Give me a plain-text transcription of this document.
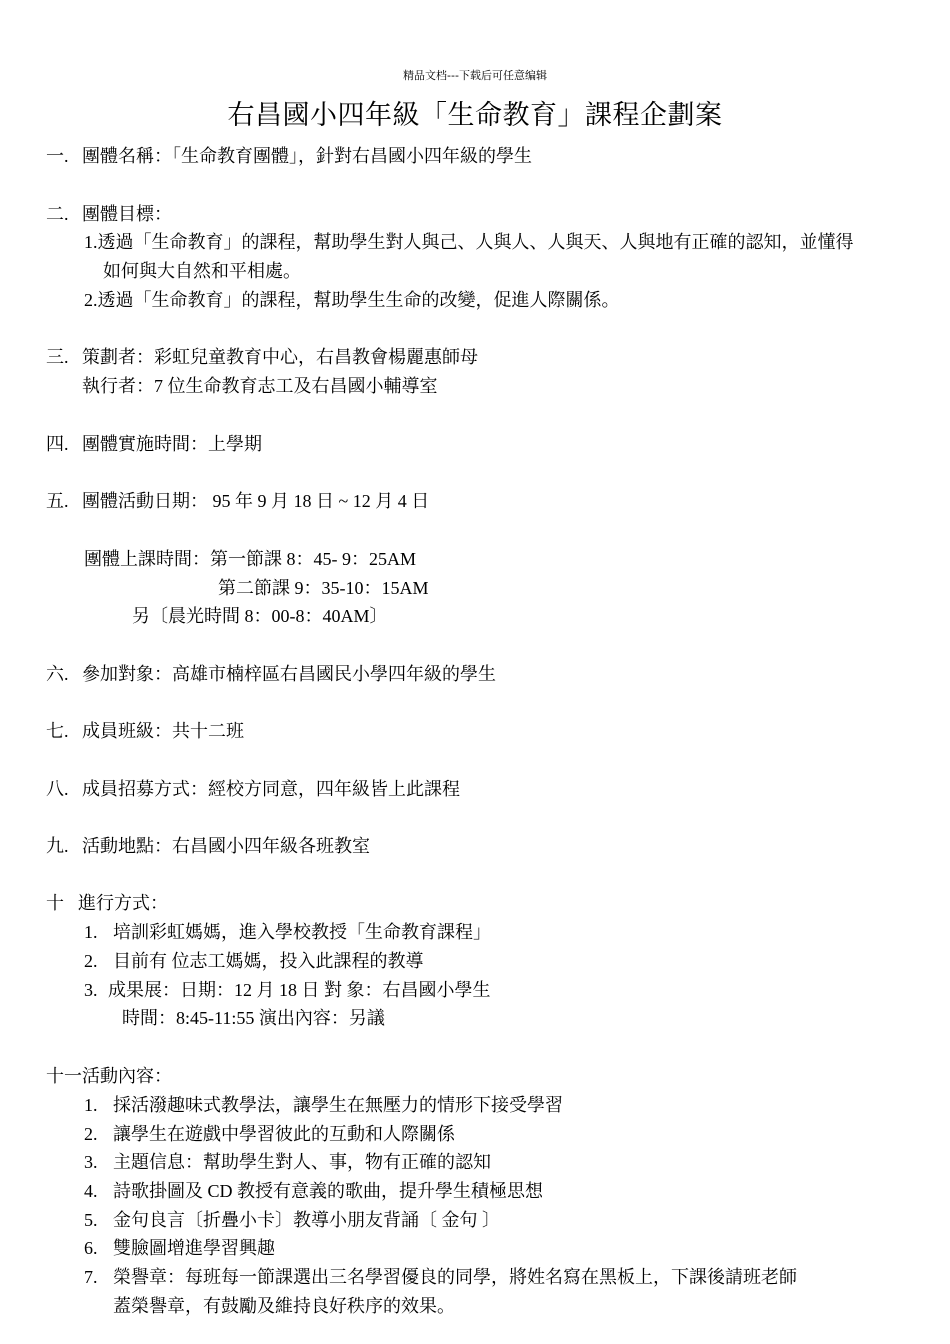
精品文档---下载后可任意编辑
右昌國小四年級「生命教育」課程企劃案
一. 團體名稱：「生命教育團體」，針對右昌國小四年級的學生
二. 團體目標：
1.透過「生命教育」的課程，幫助學生對人與己、人與人、人與天、人與地有正確的認知，並懂得
如何與大自然和平相處。
2.透過「生命教育」的課程，幫助學生生命的改變，促進人際關係。
三. 策劃者：彩虹兒童教育中心，右昌教會楊麗惠師母
執行者：7 位生命教育志工及右昌國小輔導室
四. 團體實施時間：上學期
五. 團體活動日期： 95 年 9 月 18 日 ~ 12 月 4 日
團體上課時間：第一節課 8：45- 9：25AM
第二節課 9：35-10：15AM
另〔晨光時間 8：00-8：40AM〕
六. 參加對象：高雄市楠梓區右昌國民小學四年級的學生
七. 成員班級：共十二班
八. 成員招募方式：經校方同意，四年級皆上此課程
九. 活動地點：右昌國小四年級各班教室
十 進行方式：
1. 培訓彩虹媽媽，進入學校教授「生命教育課程」
2. 目前有 位志工媽媽，投入此課程的教導
3. 成果展：日期：12 月 18 日 對 象：右昌國小學生
時間：8:45-11:55 演出內容：另議
十一活動內容：
1. 採活潑趣味式教學法，讓學生在無壓力的情形下接受學習
2. 讓學生在遊戲中學習彼此的互動和人際關係
3. 主題信息：幫助學生對人、事，物有正確的認知
4. 詩歌掛圖及 CD 教授有意義的歌曲，提升學生積極思想
5. 金句良言〔折疊小卡〕教導小朋友背誦〔 金句 〕
6. 雙臉圖增進學習興趣
7. 榮譽章：每班每一節課選出三名學習優良的同學，將姓名寫在黑板上，下課後請班老師
蓋榮譽章，有鼓勵及維持良好秩序的效果。
